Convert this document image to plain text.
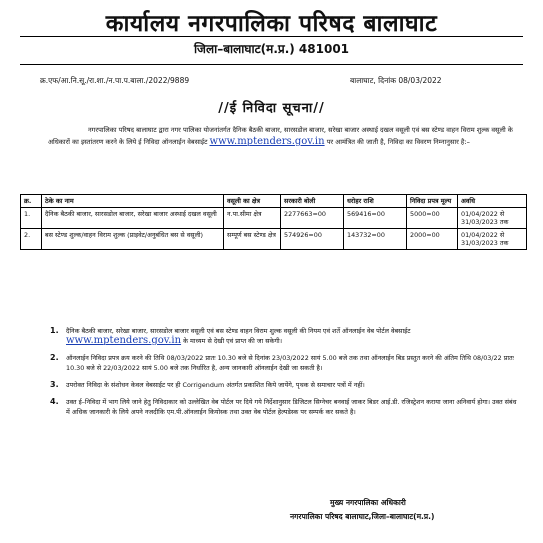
कार्यालय नगरपालिका परिषद बालाघाट
जिला–बालाघाट(म.प्र.) 481001
क्र.एफ/आ.नि.सू./रा.शा./न.पा.प.बाला./2022/9889	बालाघाट, दिनांक 08/03/2022
//ई निविदा सूचना//
नगरपालिका परिषद बालाघाट द्वारा नगर पालिका योजनांतर्गत दैनिक बैठकी बाजार, सारसडोल बाजार, सरेखा बाजार अस्थाई दखल वसूली एवं बस स्टेण्ड वाहन विराम शुल्क वसूली के अधिकारों का इस्तांतरण करने के लिये ई निविदा ऑनलाईन वेबसाईट www.mptenders.gov.in पर आमंत्रित की जाती है, निविदा का विवरण निम्नानुसार है:–
क्र.	ठेके का नाम	वसूली का क्षेत्र	सरकारी बोली	धरोहर राशि	निविदा प्रपत्र मूल्य	अवधि
1.	दैनिक बैठकी बाजार, सारसडोल बाजार, सरेखा बाजार अस्थाई दखल वसूली	न.पा.सीमा क्षेत्र	2277663=00	569416=00	5000=00	01/04/2022 से 31/03/2023 तक
2.	बस स्टेण्ड शुल्क/वाहन विराम शुल्क (प्राइवेट/अनुबंधित बस से वसूली)	सम्पूर्ण बस स्टेण्ड क्षेत्र	574926=00	143732=00	2000=00	01/04/2022 से 31/03/2023 तक
1. दैनिक बैठकी बाजार, सरेखा बाजार, सारसडोल बाजार वसूली एवं बस स्टेण्ड वाहन विराम शुल्क वसूली की नियम एवं शर्ते ऑनलाईन वेब पोर्टल वेबसाईट www.mptenders.gov.in के माध्यम से देखी एवं प्राप्त की जा सकेगी।
2. ऑनलाईन निविदा प्रपत्र क्रय करने की तिथि 08/03/2022 प्रातः 10.30 बजे से दिनांक 23/03/2022 सायं 5.00 बजे तक तथा ऑनलाईन बिड प्रस्तुत करने की अंतिम तिथि 08/03/22 प्रातः 10.30 बजे से 22/03/2022 सायं 5.00 बजे तक निर्धारित है, अन्य जानकारी ऑनलाईन देखी जा सकती है।
3. उपरोक्त निविदा के संशोधन केवल वेबसाईट पर ही Corrigendum अंतर्गत प्रकाशित किये जायेंगे, पृथक से समाचार पत्रों में नहीं।
4. उक्त ई–निविदा में भाग लिये जाने हेतु निविदाकार को उल्लेखित वेब पोर्टल पर दिये गये निर्देशानुसार डिजिटल सिग्नेचर बनवाई जाकर बिडर आई.डी. रजिस्ट्रेशन कराया जाना अनिवार्य होगा। उक्त संबंध में अधिक जानकारी के लिये अपने नजदीकि एम.पी.ऑनलाईन कियोस्क तथा उक्त वेब पोर्टल हेल्पडेस्क पर सम्पर्क कर सकते है।
मुख्य नगरपालिका अधिकारी
नगरपालिका परिषद बालाघाट,जिला–बालाघाट(म.प्र.)
